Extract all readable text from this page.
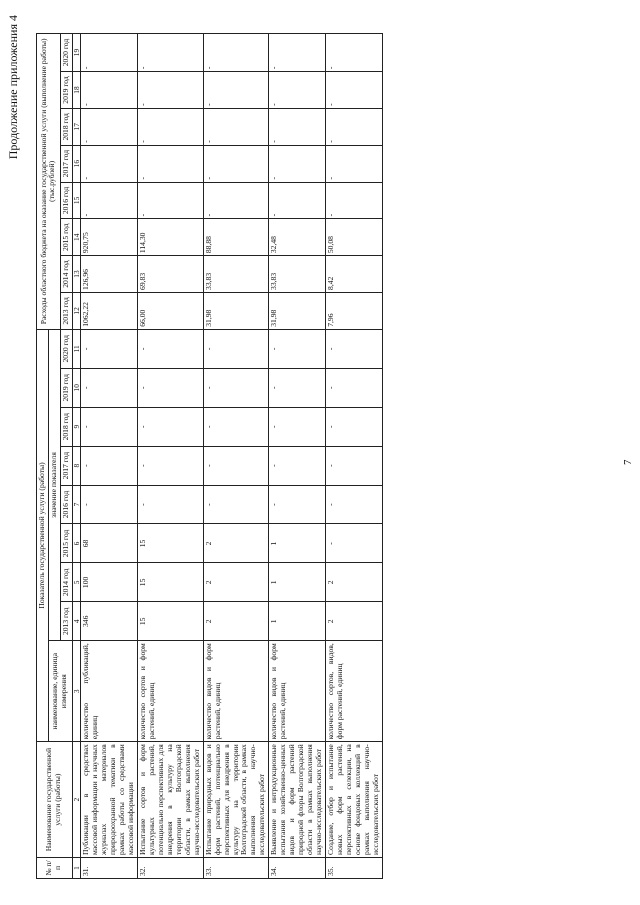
7
Продолжение приложения 4
№ п/п	Наименование государственной услуги (работы)	Показатель государственной услуги (работы)									Расходы областного бюджета на оказание государственной услуги (выполнение работы) (тыс.рублей)							
		наименование, единица измерения	значение показателя															
			2013 год	2014 год	2015 год	2016 год	2017 год	2018 год	2019 год	2020 год	2013 год	2014 год	2015 год	2016 год	2017 год	2018 год	2019 год	2020 год
1	2	3	4	5	6	7	8	9	10	11	12	13	14	15	16	17	18	19
31.	Публикации в средствах массовой информации и научных журналах материалов природоохранной тематики в рамках работы со средствами массовой информации	количество публикаций, единиц	346	100	68	-	-	-	-	-	1062,22	126,96	920,75	-	-	-	-	-
32.	Испытание сортов и форм культурных растений, потенциально перспективных для внедрения в культуру на территории Волгоградской области, в рамках выполнения научно-исследовательских работ	количество сортов и форм растений, единиц	15	15	15	-	-	-	-	-	66,00	69,83	114,30	-	-	-	-	-
33.	Испытание природных видов и форм растений, потенциально перспективных для внедрения в культуру на территории Волгоградской области, в рамках выполнения научно-исследовательских работ	количество видов и форм растений, единиц	2	2	2	-	-	-	-	-	31,98	33,83	88,88	-	-	-	-	-
34.	Выявление и интродукционные испытания хозяйственно-ценных видов и форм растений природной флоры Волгоградской области в рамках выполнения научно-исследовательских работ	количество видов и форм растений, единиц	1	1	1	-	-	-	-	-	31,98	33,83	32,48	-	-	-	-	-
35.	Создание, отбор и испытание новых форм растений, перспективных в селекции, на основе фондовых коллекций в рамках выполнения научно-исследовательских работ	количество сортов, видов, форм растений, единиц	2	2	-	-	-	-	-	-	7,96	8,42	50,08	-	-	-	-	-
